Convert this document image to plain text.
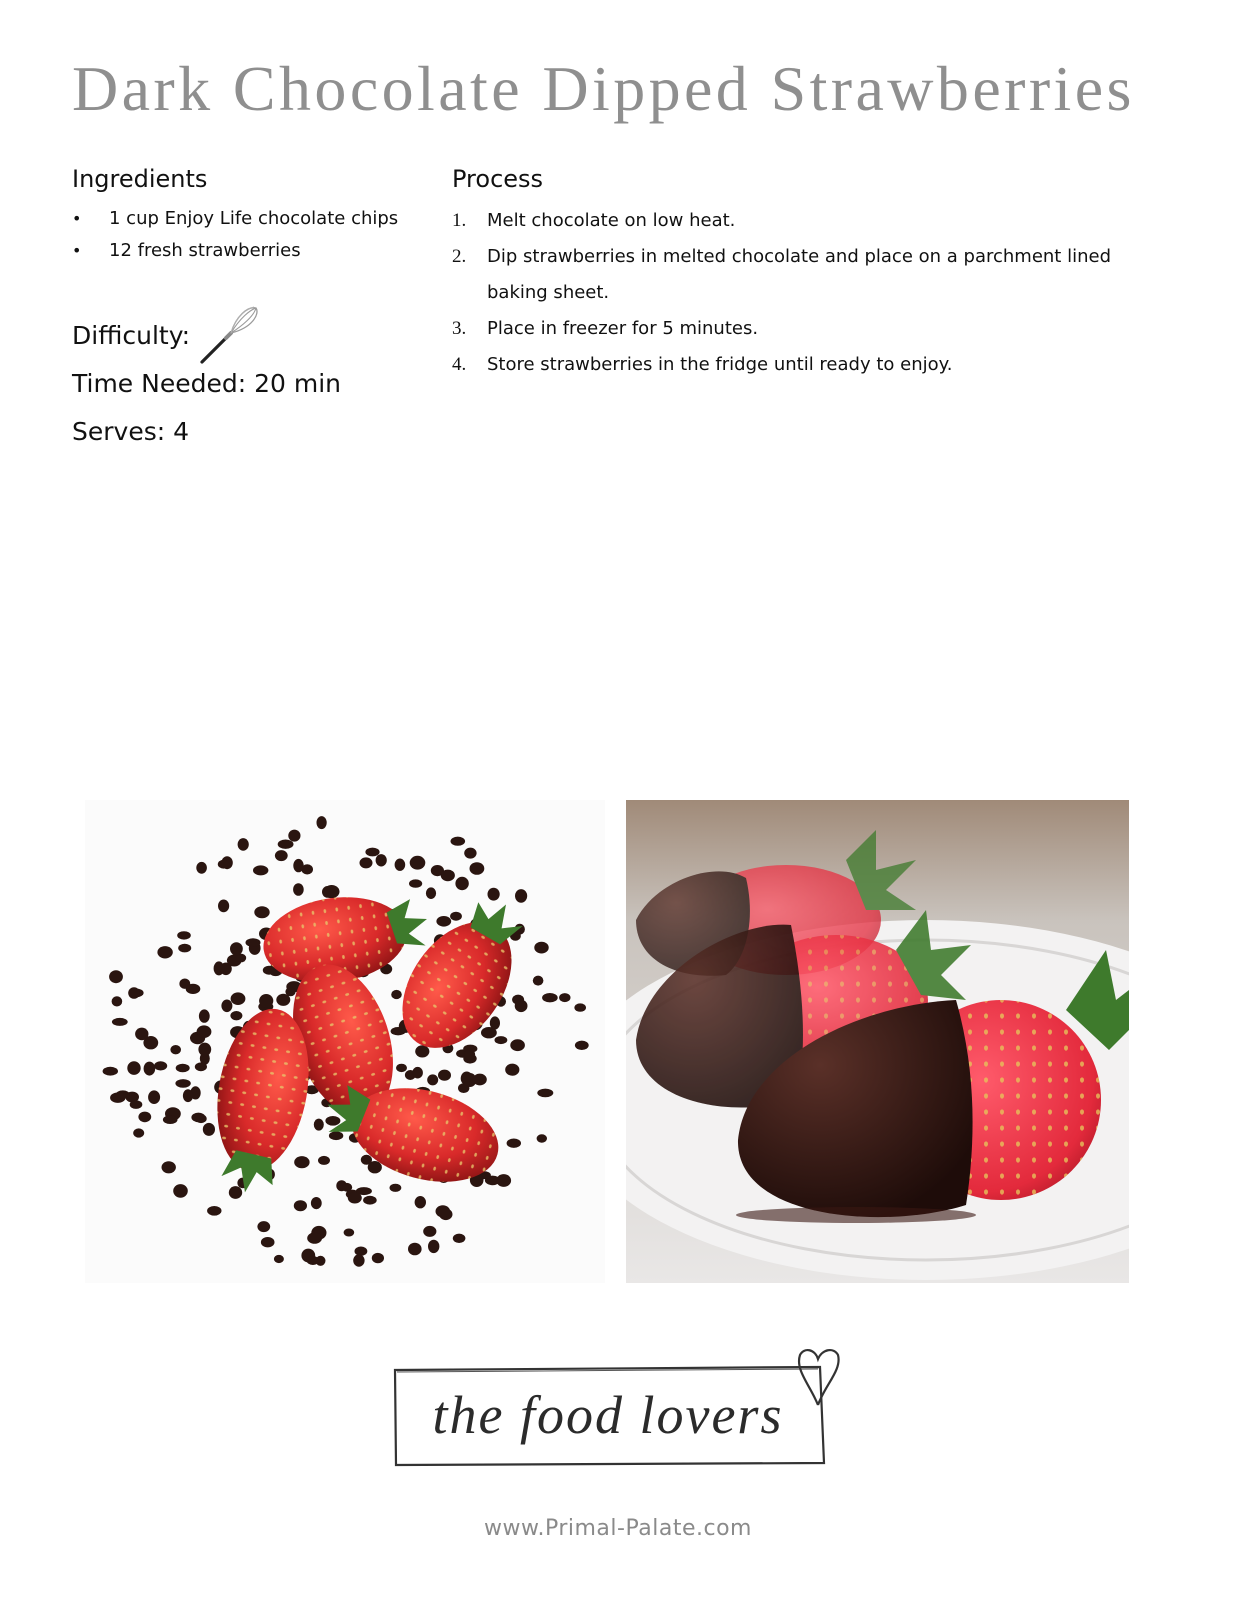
Dark Chocolate Dipped Strawberries
Ingredients
• 1 cup Enjoy Life chocolate chips
• 12 fresh strawberries
Process
1. Melt chocolate on low heat.
2. Dip strawberries in melted chocolate and place on a parchment lined baking sheet.
3. Place in freezer for 5 minutes.
4. Store strawberries in the fridge until ready to enjoy.

Difficulty:

Time Needed: 20 min

Serves: 4

the food lovers

www.Primal-Palate.com
